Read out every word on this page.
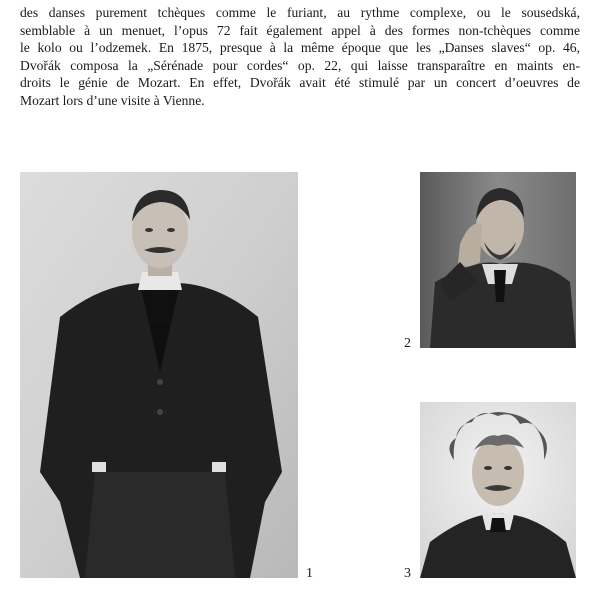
des danses purement tchèques comme le furiant, au rythme complexe, ou le sousedská,
semblable à un menuet, l’opus 72 fait également appel à des formes non-tchèques comme
le kolo ou l’odzemek. En 1875, presque à la même époque que les „Danses slaves“ op. 46,
Dvořák composa la „Sérénade pour cordes“ op. 22, qui laisse transparaître en maints en-
droits le génie de Mozart. En effet, Dvořák avait été stimulé par un concert d’oeuvres de
Mozart lors d’une visite à Vienne.
1
2
3
